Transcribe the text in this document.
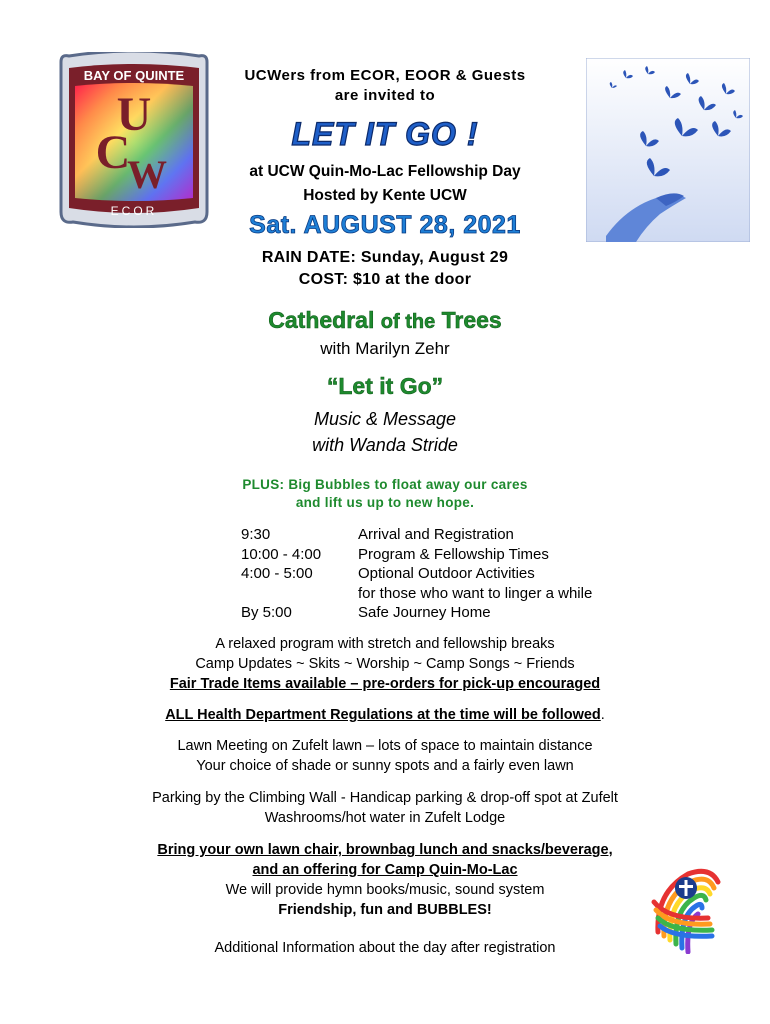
BAY OF QUINTE
U
C
W
ECOR
UCWers from ECOR, EOOR & Guests
are invited to
LET IT GO !
at UCW Quin-Mo-Lac Fellowship Day
Hosted by Kente UCW
Sat. AUGUST 28, 2021
RAIN DATE: Sunday, August 29
COST: $10 at the door
Cathedral of the Trees
with Marilyn Zehr
“Let it Go”
Music & Message
with Wanda Stride
PLUS: Big Bubbles to float away our cares
and lift us up to new hope.
9:30	Arrival and Registration
10:00 - 4:00	Program & Fellowship Times
4:00 - 5:00	Optional Outdoor Activities
for those who want to linger a while
By 5:00	Safe Journey Home
A relaxed program with stretch and fellowship breaks
Camp Updates ~ Skits ~ Worship ~ Camp Songs ~ Friends
Fair Trade Items available – pre-orders for pick-up encouraged
ALL Health Department Regulations at the time will be followed.
Lawn Meeting on Zufelt lawn – lots of space to maintain distance
Your choice of shade or sunny spots and a fairly even lawn
Parking by the Climbing Wall - Handicap parking & drop-off spot at Zufelt
Washrooms/hot water in Zufelt Lodge
Bring your own lawn chair, brownbag lunch and snacks/beverage,
and an offering for Camp Quin-Mo-Lac
We will provide hymn books/music, sound system
Friendship, fun and BUBBLES!
Additional Information about the day after registration
